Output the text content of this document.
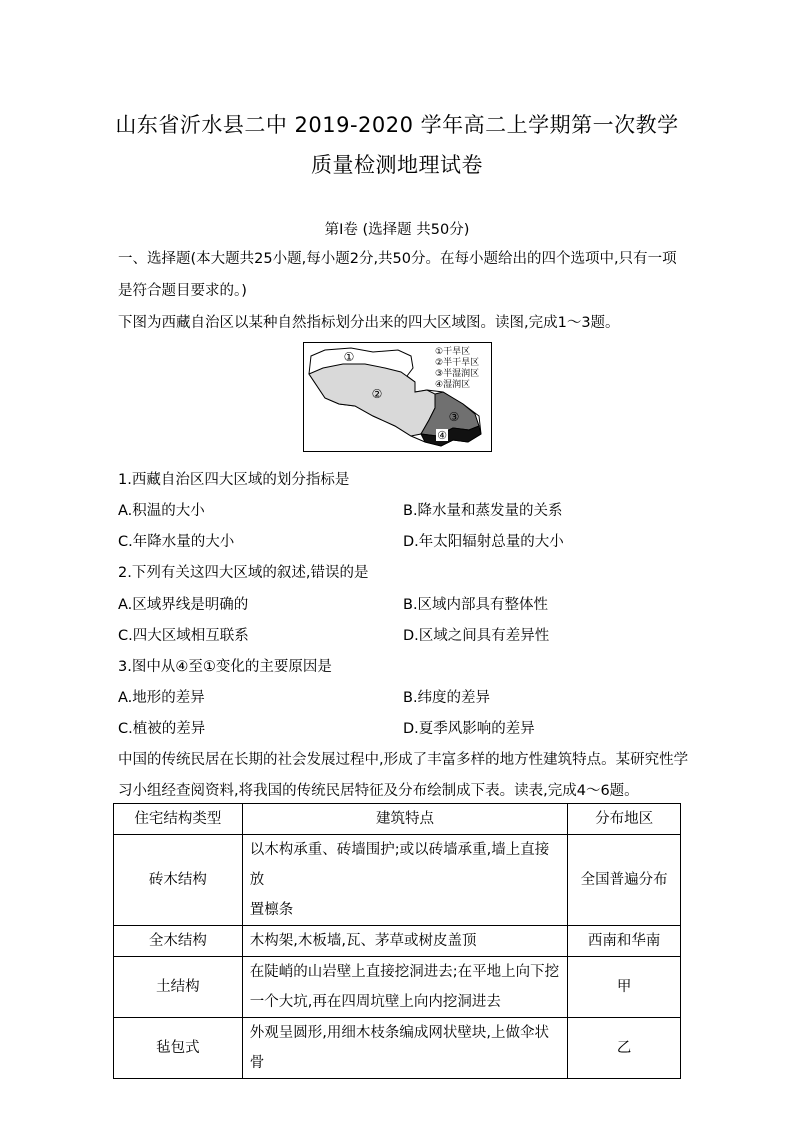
山东省沂水县二中 2019-2020 学年高二上学期第一次教学
质量检测地理试卷
第Ⅰ卷 (选择题 共50分)
一、选择题(本大题共25小题,每小题2分,共50分。在每小题给出的四个选项中,只有一项
是符合题目要求的。)
下图为西藏自治区以某种自然指标划分出来的四大区域图。读图,完成1～3题。
①
②
③
④
①干旱区
②半干旱区
③半湿润区
④湿润区
1.西藏自治区四大区域的划分指标是
A.积温的大小	B.降水量和蒸发量的关系
C.年降水量的大小	D.年太阳辐射总量的大小
2.下列有关这四大区域的叙述,错误的是
A.区域界线是明确的	B.区域内部具有整体性
C.四大区域相互联系	D.区域之间具有差异性
3.图中从④至①变化的主要原因是
A.地形的差异	B.纬度的差异
C.植被的差异	D.夏季风影响的差异
中国的传统民居在长期的社会发展过程中,形成了丰富多样的地方性建筑特点。某研究性学
习小组经查阅资料,将我国的传统民居特征及分布绘制成下表。读表,完成4～6题。
住宅结构类型	建筑特点	分布地区
砖木结构	以木构承重、砖墙围护;或以砖墙承重,墙上直接放
置檩条	全国普遍分布
全木结构	木构架,木板墙,瓦、茅草或树皮盖顶	西南和华南
土结构	在陡峭的山岩壁上直接挖洞进去;在平地上向下挖
一个大坑,再在四周坑壁上向内挖洞进去	甲
毡包式	外观呈圆形,用细木枝条编成网状壁块,上做伞状骨	乙
